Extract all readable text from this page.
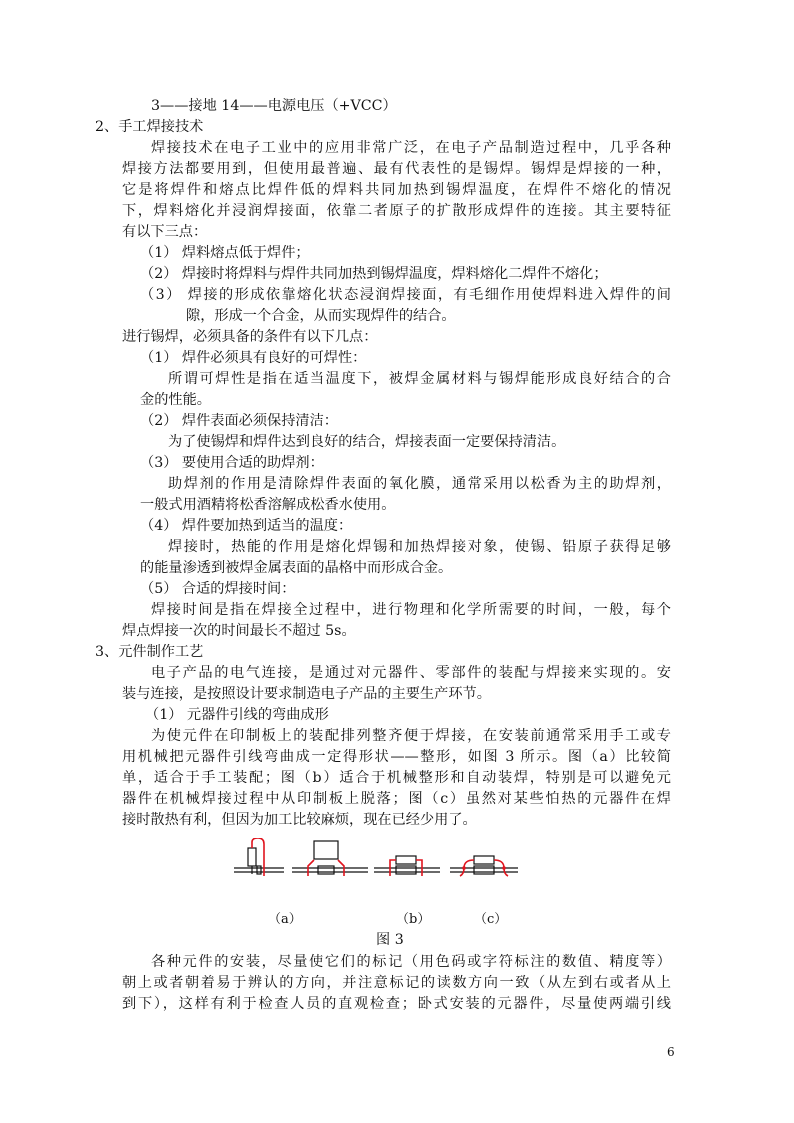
3——接地 14——电源电压（+VCC）
2、手工焊接技术
焊接技术在电子工业中的应用非常广泛，在电子产品制造过程中，几乎各种
焊接方法都要用到，但使用最普遍、最有代表性的是锡焊。锡焊是焊接的一种，
它是将焊件和熔点比焊件低的焊料共同加热到锡焊温度，在焊件不熔化的情况
下，焊料熔化并浸润焊接面，依靠二者原子的扩散形成焊件的连接。其主要特征
有以下三点：
（1） 焊料熔点低于焊件；
（2） 焊接时将焊料与焊件共同加热到锡焊温度，焊料熔化二焊件不熔化；
（3） 焊接的形成依靠熔化状态浸润焊接面，有毛细作用使焊料进入焊件的间
隙，形成一个合金，从而实现焊件的结合。
进行锡焊，必须具备的条件有以下几点：
（1） 焊件必须具有良好的可焊性：
所谓可焊性是指在适当温度下，被焊金属材料与锡焊能形成良好结合的合
金的性能。
（2） 焊件表面必须保持清洁：
为了使锡焊和焊件达到良好的结合，焊接表面一定要保持清洁。
（3） 要使用合适的助焊剂：
助焊剂的作用是清除焊件表面的氧化膜，通常采用以松香为主的助焊剂，
一般式用酒精将松香溶解成松香水使用。
（4） 焊件要加热到适当的温度：
焊接时，热能的作用是熔化焊锡和加热焊接对象，使锡、铅原子获得足够
的能量渗透到被焊金属表面的晶格中而形成合金。
（5） 合适的焊接时间：
焊接时间是指在焊接全过程中，进行物理和化学所需要的时间，一般，每个
焊点焊接一次的时间最长不超过 5s。
3、元件制作工艺
电子产品的电气连接，是通过对元器件、零部件的装配与焊接来实现的。安
装与连接，是按照设计要求制造电子产品的主要生产环节。
（1） 元器件引线的弯曲成形
为使元件在印制板上的装配排列整齐便于焊接，在安装前通常采用手工或专
用机械把元器件引线弯曲成一定得形状——整形，如图 3 所示。图（a）比较简
单，适合于手工装配；图（b）适合于机械整形和自动装焊，特别是可以避免元
器件在机械焊接过程中从印制板上脱落；图（c）虽然对某些怕热的元器件在焊
接时散热有利，但因为加工比较麻烦，现在已经少用了。
（a）	（b）	（c）
图 3
各种元件的安装，尽量使它们的标记（用色码或字符标注的数值、精度等）
朝上或者朝着易于辨认的方向，并注意标记的读数方向一致（从左到右或者从上
到下），这样有利于检查人员的直观检查；卧式安装的元器件，尽量使两端引线
6
